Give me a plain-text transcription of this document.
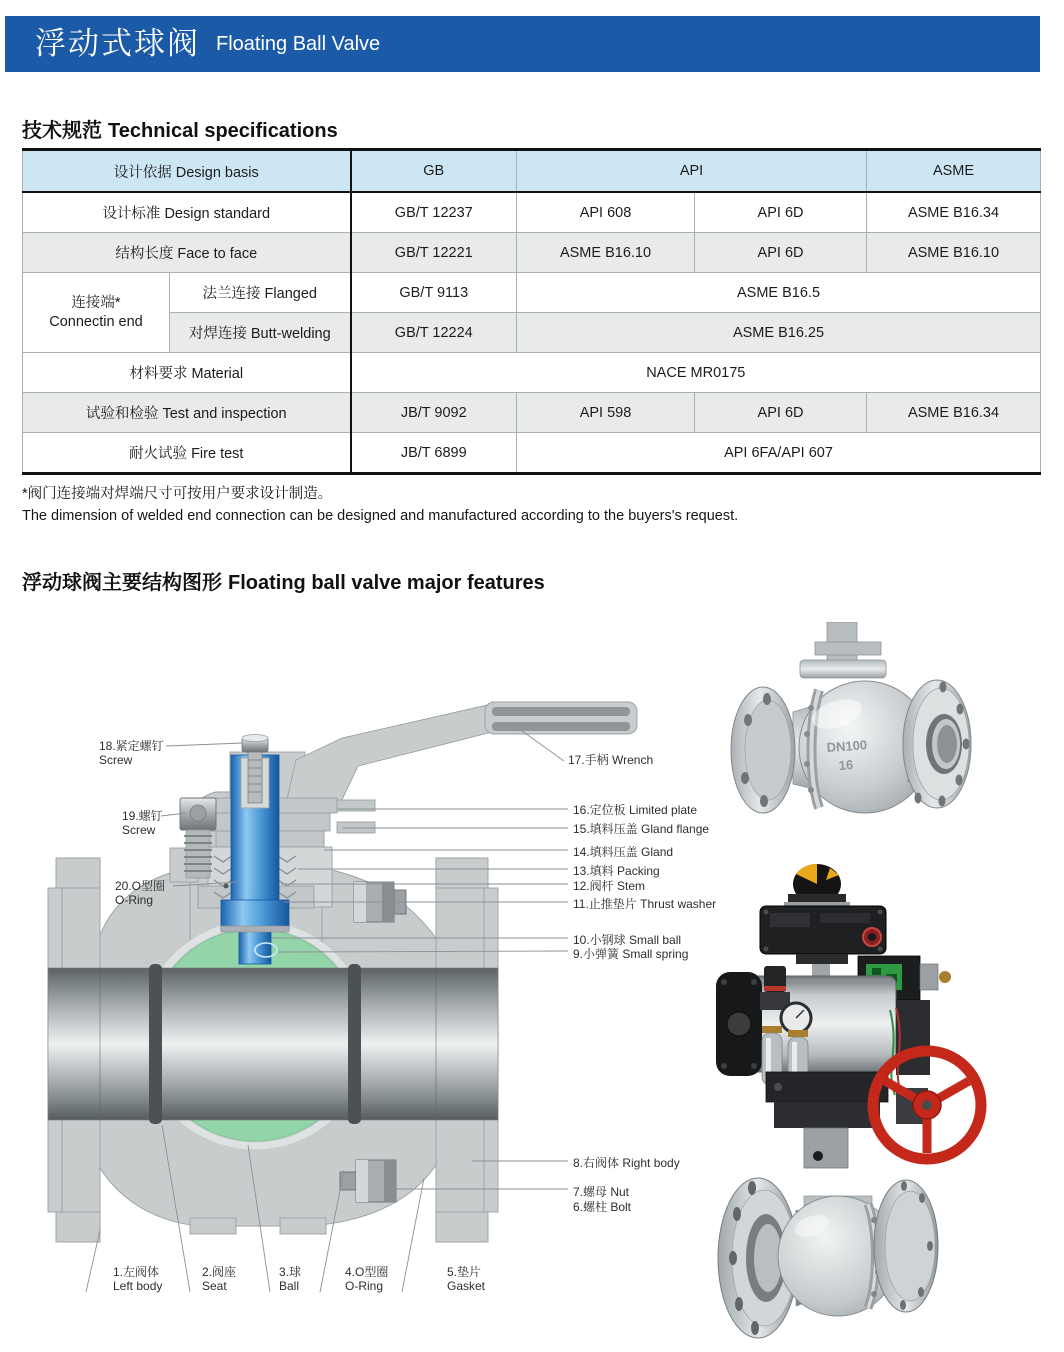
浮动式球阀 Floating Ball Valve
技术规范 Technical specifications
设计依据 Design basis		GB	API		ASME
设计标准 Design standard		GB/T 12237	API 608	API 6D	ASME B16.34
结构长度 Face to face		GB/T 12221	ASME B16.10	API 6D	ASME B16.10

连接端*
Connectin end	法兰连接 Flanged	GB/T 9113	ASME B16.5		
	对焊连接 Butt-welding	GB/T 12224	ASME B16.25		
材料要求 Material		NACE MR0175			
试验和检验 Test and inspection		JB/T 9092	API 598	API 6D	ASME B16.34
耐火试验 Fire test		JB/T 6899	API 6FA/API 607		
*阀门连接端对焊端尺寸可按用户要求设计制造。
The dimension of welded end connection can be designed and manufactured according to the buyers's request.
浮动球阀主要结构图形 Floating ball valve major features
18.紧定螺钉
Screw
19.螺钉
Screw
20.O型圈
O-Ring
17.手柄 Wrench
16.定位板 Limited plate
15.填料压盖 Gland flange
14.填料压盖 Gland
13.填料 Packing
12.阀杆 Stem
11.止推垫片 Thrust washer
10.小钢球 Small ball
9.小弹簧 Small spring
8.右阀体 Right body
7.螺母 Nut
6.螺柱 Bolt
1.左阀体
Left body
2.阀座
Seat
3.球
Ball
4.O型圈
O-Ring
5.垫片
Gasket
DN100
16
